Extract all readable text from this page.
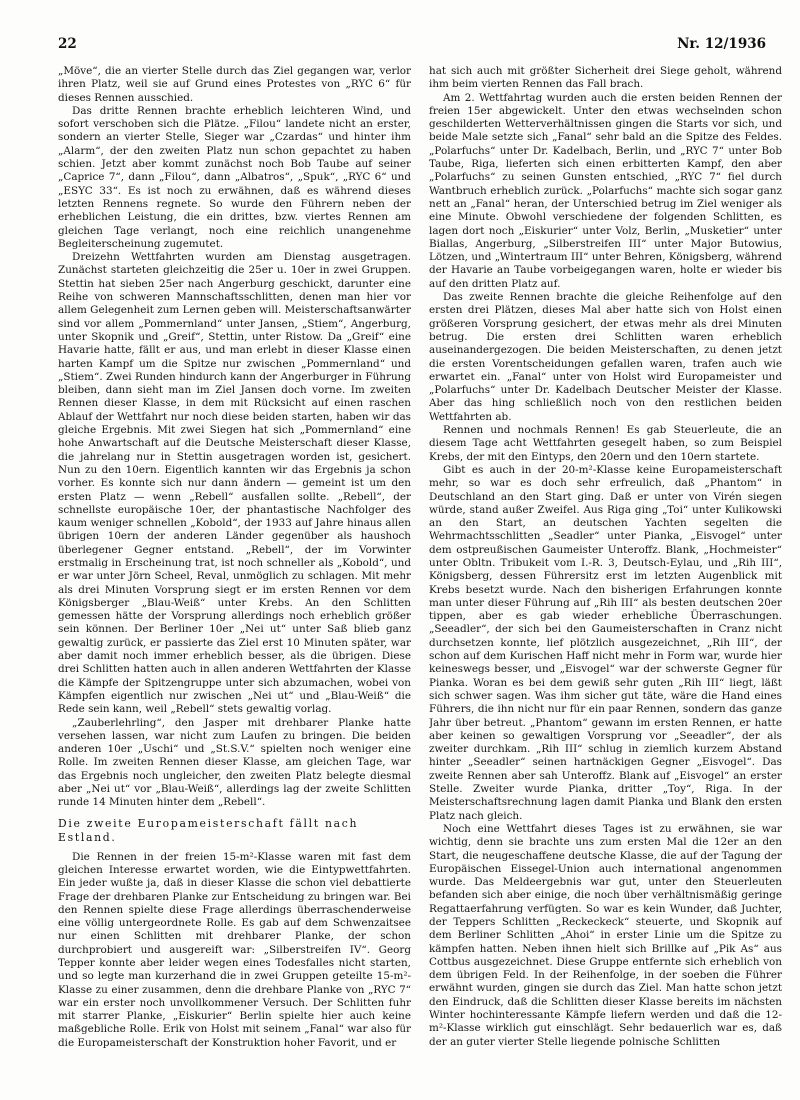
22	Nr. 12/1936

„Möve“, die an vierter Stelle durch das Ziel gegangen war, verlor ihren Platz, weil sie auf Grund eines Protestes von „RYC 6“ für dieses Rennen ausschied.

Das dritte Rennen brachte erheblich leichteren Wind, und sofort verschoben sich die Plätze. „Filou“ landete nicht an erster, sondern an vierter Stelle, Sieger war „Czardas“ und hinter ihm „Alarm“, der den zweiten Platz nun schon gepachtet zu haben schien. Jetzt aber kommt zunächst noch Bob Taube auf seiner „Caprice 7“, dann „Filou“, dann „Albatros“, „Spuk“, „RYC 6“ und „ESYC 33“. Es ist noch zu erwähnen, daß es während dieses letzten Rennens regnete. So wurde den Führern neben der erheblichen Leistung, die ein drittes, bzw. viertes Rennen am gleichen Tage verlangt, noch eine reichlich unangenehme Begleiterscheinung zugemutet.

Dreizehn Wettfahrten wurden am Dienstag ausgetragen. Zunächst starteten gleichzeitig die 25er u. 10er in zwei Gruppen. Stettin hat sieben 25er nach Angerburg geschickt, darunter eine Reihe von schweren Mannschaftsschlitten, denen man hier vor allem Gelegenheit zum Lernen geben will. Meisterschaftsanwärter sind vor allem „Pommernland“ unter Jansen, „Stiem“, Angerburg, unter Skopnik und „Greif“, Stettin, unter Ristow. Da „Greif“ eine Havarie hatte, fällt er aus, und man erlebt in dieser Klasse einen harten Kampf um die Spitze nur zwischen „Pommernland“ und „Stiem“. Zwei Runden hindurch kann der Angerburger in Führung bleiben, dann sieht man im Ziel Jansen doch vorne. Im zweiten Rennen dieser Klasse, in dem mit Rücksicht auf einen raschen Ablauf der Wettfahrt nur noch diese beiden starten, haben wir das gleiche Ergebnis. Mit zwei Siegen hat sich „Pommernland“ eine hohe Anwartschaft auf die Deutsche Meisterschaft dieser Klasse, die jahrelang nur in Stettin ausgetragen worden ist, gesichert. Nun zu den 10ern. Eigentlich kannten wir das Ergebnis ja schon vorher. Es konnte sich nur dann ändern — gemeint ist um den ersten Platz — wenn „Rebell“ ausfallen sollte. „Rebell“, der schnellste europäische 10er, der phantastische Nachfolger des kaum weniger schnellen „Kobold“, der 1933 auf Jahre hinaus allen übrigen 10ern der anderen Länder gegenüber als haushoch überlegener Gegner entstand. „Rebell“, der im Vorwinter erstmalig in Erscheinung trat, ist noch schneller als „Kobold“, und er war unter Jörn Scheel, Reval, unmöglich zu schlagen. Mit mehr als drei Minuten Vorsprung siegt er im ersten Rennen vor dem Königsberger „Blau-Weiß“ unter Krebs. An den Schlitten gemessen hätte der Vorsprung allerdings noch erheblich größer sein können. Der Berliner 10er „Nei ut“ unter Saß blieb ganz gewaltig zurück, er passierte das Ziel erst 10 Minuten später, war aber damit noch immer erheblich besser, als die übrigen. Diese drei Schlitten hatten auch in allen anderen Wettfahrten der Klasse die Kämpfe der Spitzengruppe unter sich abzumachen, wobei von Kämpfen eigentlich nur zwischen „Nei ut“ und „Blau-Weiß“ die Rede sein kann, weil „Rebell“ stets gewaltig vorlag.

„Zauberlehrling“, den Jasper mit drehbarer Planke hatte versehen lassen, war nicht zum Laufen zu bringen. Die beiden anderen 10er „Uschi“ und „St.S.V.“ spielten noch weniger eine Rolle. Im zweiten Rennen dieser Klasse, am gleichen Tage, war das Ergebnis noch ungleicher, den zweiten Platz belegte diesmal aber „Nei ut“ vor „Blau-Weiß“, allerdings lag der zweite Schlitten runde 14 Minuten hinter dem „Rebell“.

Die zweite Europameisterschaft fällt nach Estland.

Die Rennen in der freien 15-m²-Klasse waren mit fast dem gleichen Interesse erwartet worden, wie die Eintypwettfahrten. Ein jeder wußte ja, daß in dieser Klasse die schon viel debattierte Frage der drehbaren Planke zur Entscheidung zu bringen war. Bei den Rennen spielte diese Frage allerdings überraschenderweise eine völlig untergeordnete Rolle. Es gab auf dem Schwenzaitsee nur einen Schlitten mit drehbarer Planke, der schon durchprobiert und ausgereift war: „Silberstreifen IV“. Georg Tepper konnte aber leider wegen eines Todesfalles nicht starten, und so legte man kurzerhand die in zwei Gruppen geteilte 15-m²-Klasse zu einer zusammen, denn die drehbare Planke von „RYC 7“ war ein erster noch unvollkommener Versuch. Der Schlitten fuhr mit starrer Planke, „Eiskurier“ Berlin spielte hier auch keine maßgebliche Rolle. Erik von Holst mit seinem „Fanal“ war also für die Europameisterschaft der Konstruktion hoher Favorit, und er

hat sich auch mit größter Sicherheit drei Siege geholt, während ihm beim vierten Rennen das Fall brach.

Am 2. Wettfahrtag wurden auch die ersten beiden Rennen der freien 15er abgewickelt. Unter den etwas wechselnden schon geschilderten Wetterverhältnissen gingen die Starts vor sich, und beide Male setzte sich „Fanal“ sehr bald an die Spitze des Feldes. „Polarfuchs“ unter Dr. Kadelbach, Berlin, und „RYC 7“ unter Bob Taube, Riga, lieferten sich einen erbitterten Kampf, den aber „Polarfuchs“ zu seinen Gunsten entschied, „RYC 7“ fiel durch Wantbruch erheblich zurück. „Polarfuchs“ machte sich sogar ganz nett an „Fanal“ heran, der Unterschied betrug im Ziel weniger als eine Minute. Obwohl verschiedene der folgenden Schlitten, es lagen dort noch „Eiskurier“ unter Volz, Berlin, „Musketier“ unter Biallas, Angerburg, „Silberstreifen III“ unter Major Butowius, Lötzen, und „Wintertraum III“ unter Behren, Königsberg, während der Havarie an Taube vorbeigegangen waren, holte er wieder bis auf den dritten Platz auf.

Das zweite Rennen brachte die gleiche Reihenfolge auf den ersten drei Plätzen, dieses Mal aber hatte sich von Holst einen größeren Vorsprung gesichert, der etwas mehr als drei Minuten betrug. Die ersten drei Schlitten waren erheblich auseinandergezogen. Die beiden Meisterschaften, zu denen jetzt die ersten Vorentscheidungen gefallen waren, trafen auch wie erwartet ein. „Fanal“ unter von Holst wird Europameister und „Polarfuchs“ unter Dr. Kadelbach Deutscher Meister der Klasse. Aber das hing schließlich noch von den restlichen beiden Wettfahrten ab.

Rennen und nochmals Rennen! Es gab Steuerleute, die an diesem Tage acht Wettfahrten gesegelt haben, so zum Beispiel Krebs, der mit den Eintyps, den 20ern und den 10ern startete.

Gibt es auch in der 20-m²-Klasse keine Europameisterschaft mehr, so war es doch sehr erfreulich, daß „Phantom“ in Deutschland an den Start ging. Daß er unter von Virén siegen würde, stand außer Zweifel. Aus Riga ging „Toi“ unter Kulikowski an den Start, an deutschen Yachten segelten die Wehrmachtsschlitten „Seadler“ unter Pianka, „Eisvogel“ unter dem ostpreußischen Gaumeister Unteroffz. Blank, „Hochmeister“ unter Obltn. Tribukeit vom I.-R. 3, Deutsch-Eylau, und „Rih III“, Königsberg, dessen Führersitz erst im letzten Augenblick mit Krebs besetzt wurde. Nach den bisherigen Erfahrungen konnte man unter dieser Führung auf „Rih III“ als besten deutschen 20er tippen, aber es gab wieder erhebliche Überraschungen. „Seeadler“, der sich bei den Gaumeisterschaften in Cranz nicht durchsetzen konnte, lief plötzlich ausgezeichnet, „Rih III“, der schon auf dem Kurischen Haff nicht mehr in Form war, wurde hier keineswegs besser, und „Eisvogel“ war der schwerste Gegner für Pianka. Woran es bei dem gewiß sehr guten „Rih III“ liegt, läßt sich schwer sagen. Was ihm sicher gut täte, wäre die Hand eines Führers, die ihn nicht nur für ein paar Rennen, sondern das ganze Jahr über betreut. „Phantom“ gewann im ersten Rennen, er hatte aber keinen so gewaltigen Vorsprung vor „Seeadler“, der als zweiter durchkam. „Rih III“ schlug in ziemlich kurzem Abstand hinter „Seeadler“ seinen hartnäckigen Gegner „Eisvogel“. Das zweite Rennen aber sah Unteroffz. Blank auf „Eisvogel“ an erster Stelle. Zweiter wurde Pianka, dritter „Toy“, Riga. In der Meisterschaftsrechnung lagen damit Pianka und Blank den ersten Platz nach gleich.

Noch eine Wettfahrt dieses Tages ist zu erwähnen, sie war wichtig, denn sie brachte uns zum ersten Mal die 12er an den Start, die neugeschaffene deutsche Klasse, die auf der Tagung der Europäischen Eissegel-Union auch international angenommen wurde. Das Meldeergebnis war gut, unter den Steuerleuten befanden sich aber einige, die noch über verhältnismäßig geringe Regattaerfahrung verfügten. So war es kein Wunder, daß Juchter, der Teppers Schlitten „Reckeckeck“ steuerte, und Skopnik auf dem Berliner Schlitten „Ahoi“ in erster Linie um die Spitze zu kämpfen hatten. Neben ihnen hielt sich Brillke auf „Pik As“ aus Cottbus ausgezeichnet. Diese Gruppe entfernte sich erheblich von dem übrigen Feld. In der Reihenfolge, in der soeben die Führer erwähnt wurden, gingen sie durch das Ziel. Man hatte schon jetzt den Eindruck, daß die Schlitten dieser Klasse bereits im nächsten Winter hochinteressante Kämpfe liefern werden und daß die 12-m²-Klasse wirklich gut einschlägt. Sehr bedauerlich war es, daß der an guter vierter Stelle liegende polnische Schlitten
